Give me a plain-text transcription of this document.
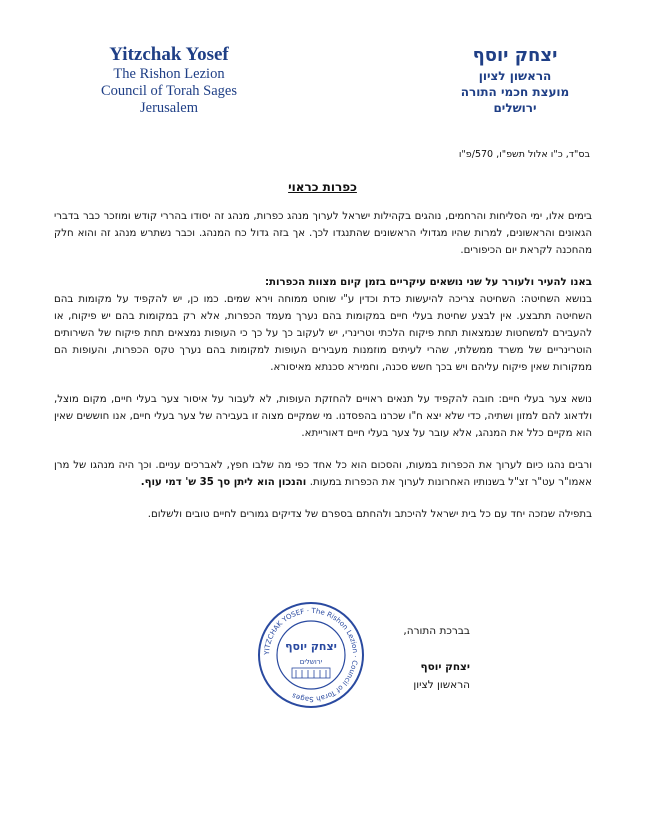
Yitzchak Yosef
The Rishon Lezion
Council of Torah Sages
Jerusalem
יצחק יוסף
הראשון לציון
מועצת חכמי התורה
ירושלים
בס"ד, כ"ו אלול תשפ"ו, 570/פ"ו
כפרות כראוי

בימים אלו, ימי הסליחות והרחמים, נוהגים בקהילות ישראל לערוך מנהג כפרות, מנהג זה יסודו בהררי קודש ומוזכר כבר בדברי הגאונים והראשונים, למרות שהיו מגדולי הראשונים שהתנגדו לכך. אך בזה גדול כח המנהג. וכבר נשתרש מנהג זה והוא חלק מהחכנה לקראת יום הכיפורים.

באנו להעיר ולעורר על שני נושאים עיקריים בזמן קיום מצוות הכפרות:

בנושא השחיטה: השחיטה צריכה להיעשות כדת וכדין ע"י שוחט ממוחה וירא שמים. כמו כן, יש להקפיד על מקומות בהם השחיטה תתבצע. אין לבצע שחיטת בעלי חיים במקומות בהם נערך מעמד הכפרות, אלא רק במקומות בהם יש פיקוח, או להעבירם למשחטות שנמצאות תחת פיקוח הלכתי וטרינרי, יש לעקוב כך על כך כי העופות נמצאים תחת פיקוח של השירותים הוטרינריים של משרד ממשלתי, שהרי לעיתים מוזמנות מעבירים העופות למקומות בהם נערך טקס הכפרות, והעופות הם ממקורות שאין פיקוח עליהם ויש בכך חשש סכנה, וחמירא סכנתא מאיסורא.

נושא צער בעלי חיים: חובה להקפיד על תנאים ראויים להחזקת העופות, לא לעבור על איסור צער בעלי חיים, מקום מוצל, ולדאוג להם למזון ושתיה, כדי שלא יצא ח"ו שכרנו בהפסדנו. מי שמקיים מצוה זו בעבירה של צער בעלי חיים, אנו חוששים שאין הוא מקיים כלל את המנהג, אלא עובר על צער בעלי חיים דאורייתא.

ורבים נהגו כיום לערוך את הכפרות במעות, והסכום הוא כל אחד כפי מה שלבו חפץ, לאברכים עניים. וכך היה מנהגו של מרן אאמו"ר עט"ר זצ"ל בשנותיו האחרונות לערוך את הכפרות במעות. והנכון הוא ליתן סך 35 ש' דמי עוף.

בתפילה שנזכה יחד עם כל בית ישראל להיכתב ולהחתם בספרם של צדיקים גמורים לחיים טובים ולשלום.

YITZCHAK YOSEF · The Rishon Lezion · Council of Torah Sages
יצחק יוסף
ירושלים
בברכת התורה,
יצחק יוסף
הראשון לציון
